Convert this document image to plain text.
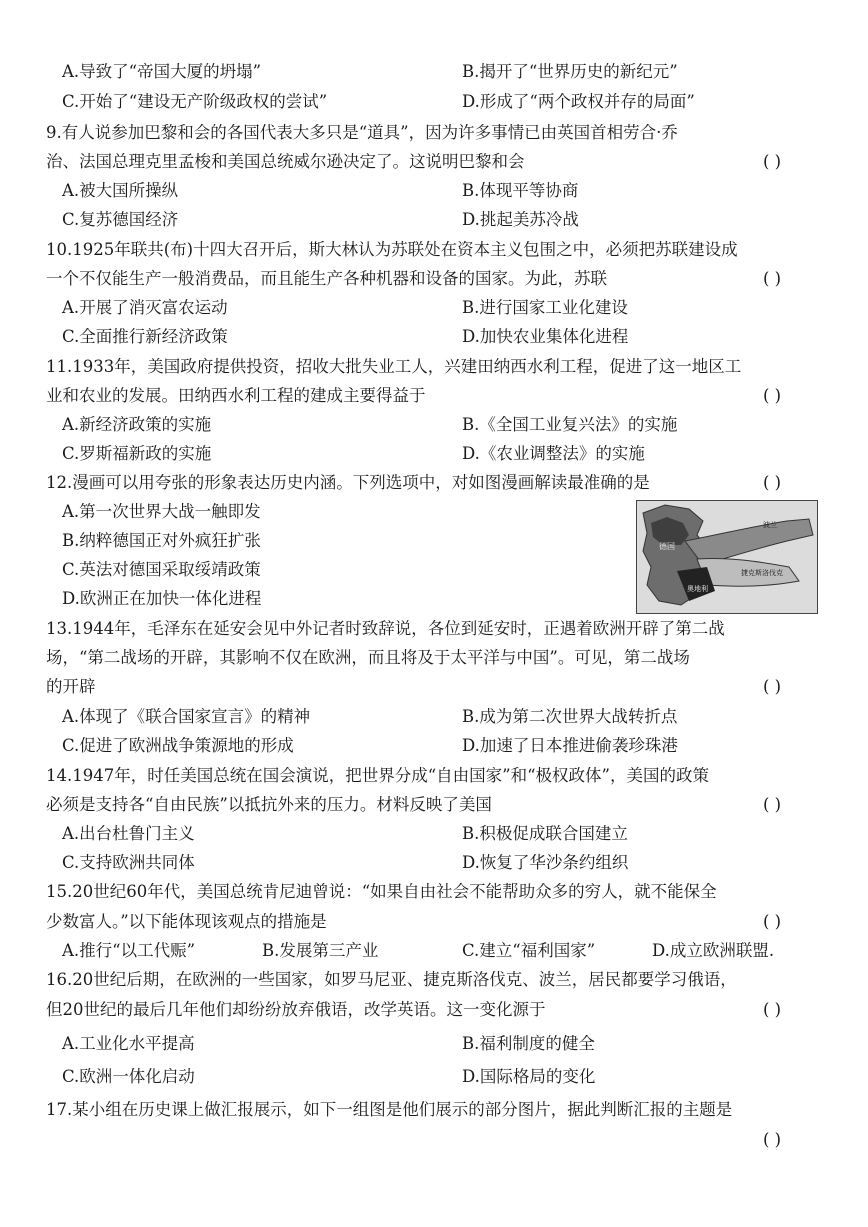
A.导致了“帝国大厦的坍塌”	B.揭开了“世界历史的新纪元”
C.开始了“建设无产阶级政权的尝试”	D.形成了“两个政权并存的局面”
9.有人说参加巴黎和会的各国代表大多只是“道具”，因为许多事情已由英国首相劳合·乔
治、法国总理克里孟梭和美国总统威尔逊决定了。这说明巴黎和会	( )
A.被大国所操纵	B.体现平等协商
C.复苏德国经济	D.挑起美苏冷战
10.1925年联共(布)十四大召开后，斯大林认为苏联处在资本主义包围之中，必须把苏联建设成
一个不仅能生产一般消费品，而且能生产各种机器和设备的国家。为此，苏联	( )
A.开展了消灭富农运动	B.进行国家工业化建设
C.全面推行新经济政策	D.加快农业集体化进程
11.1933年，美国政府提供投资，招收大批失业工人，兴建田纳西水利工程，促进了这一地区工
业和农业的发展。田纳西水利工程的建成主要得益于	( )
A.新经济政策的实施	B.《全国工业复兴法》的实施
C.罗斯福新政的实施	D.《农业调整法》的实施
12.漫画可以用夸张的形象表达历史内涵。下列选项中，对如图漫画解读最准确的是	( )
A.第一次世界大战一触即发
B.纳粹德国正对外疯狂扩张
C.英法对德国采取绥靖政策
D.欧洲正在加快一体化进程
德国
波兰
捷克斯洛伐克
奥地利
13.1944年，毛泽东在延安会见中外记者时致辞说，各位到延安时，正遇着欧洲开辟了第二战
场，“第二战场的开辟，其影响不仅在欧洲，而且将及于太平洋与中国”。可见，第二战场
的开辟	( )
A.体现了《联合国家宣言》的精神	B.成为第二次世界大战转折点
C.促进了欧洲战争策源地的形成	D.加速了日本推进偷袭珍珠港
14.1947年，时任美国总统在国会演说，把世界分成“自由国家”和“极权政体”，美国的政策
必须是支持各“自由民族”以抵抗外来的压力。材料反映了美国	( )
A.出台杜鲁门主义	B.积极促成联合国建立
C.支持欧洲共同体	D.恢复了华沙条约组织
15.20世纪60年代，美国总统肯尼迪曾说：“如果自由社会不能帮助众多的穷人，就不能保全
少数富人。”以下能体现该观点的措施是	( )
A.推行“以工代赈”	B.发展第三产业	C.建立“福利国家”	D.成立欧洲联盟.
16.20世纪后期，在欧洲的一些国家，如罗马尼亚、捷克斯洛伐克、波兰，居民都要学习俄语，
但20世纪的最后几年他们却纷纷放弃俄语，改学英语。这一变化源于	( )
A.工业化水平提高	B.福利制度的健全
C.欧洲一体化启动	D.国际格局的变化
17.某小组在历史课上做汇报展示，如下一组图是他们展示的部分图片，据此判断汇报的主题是
( )
